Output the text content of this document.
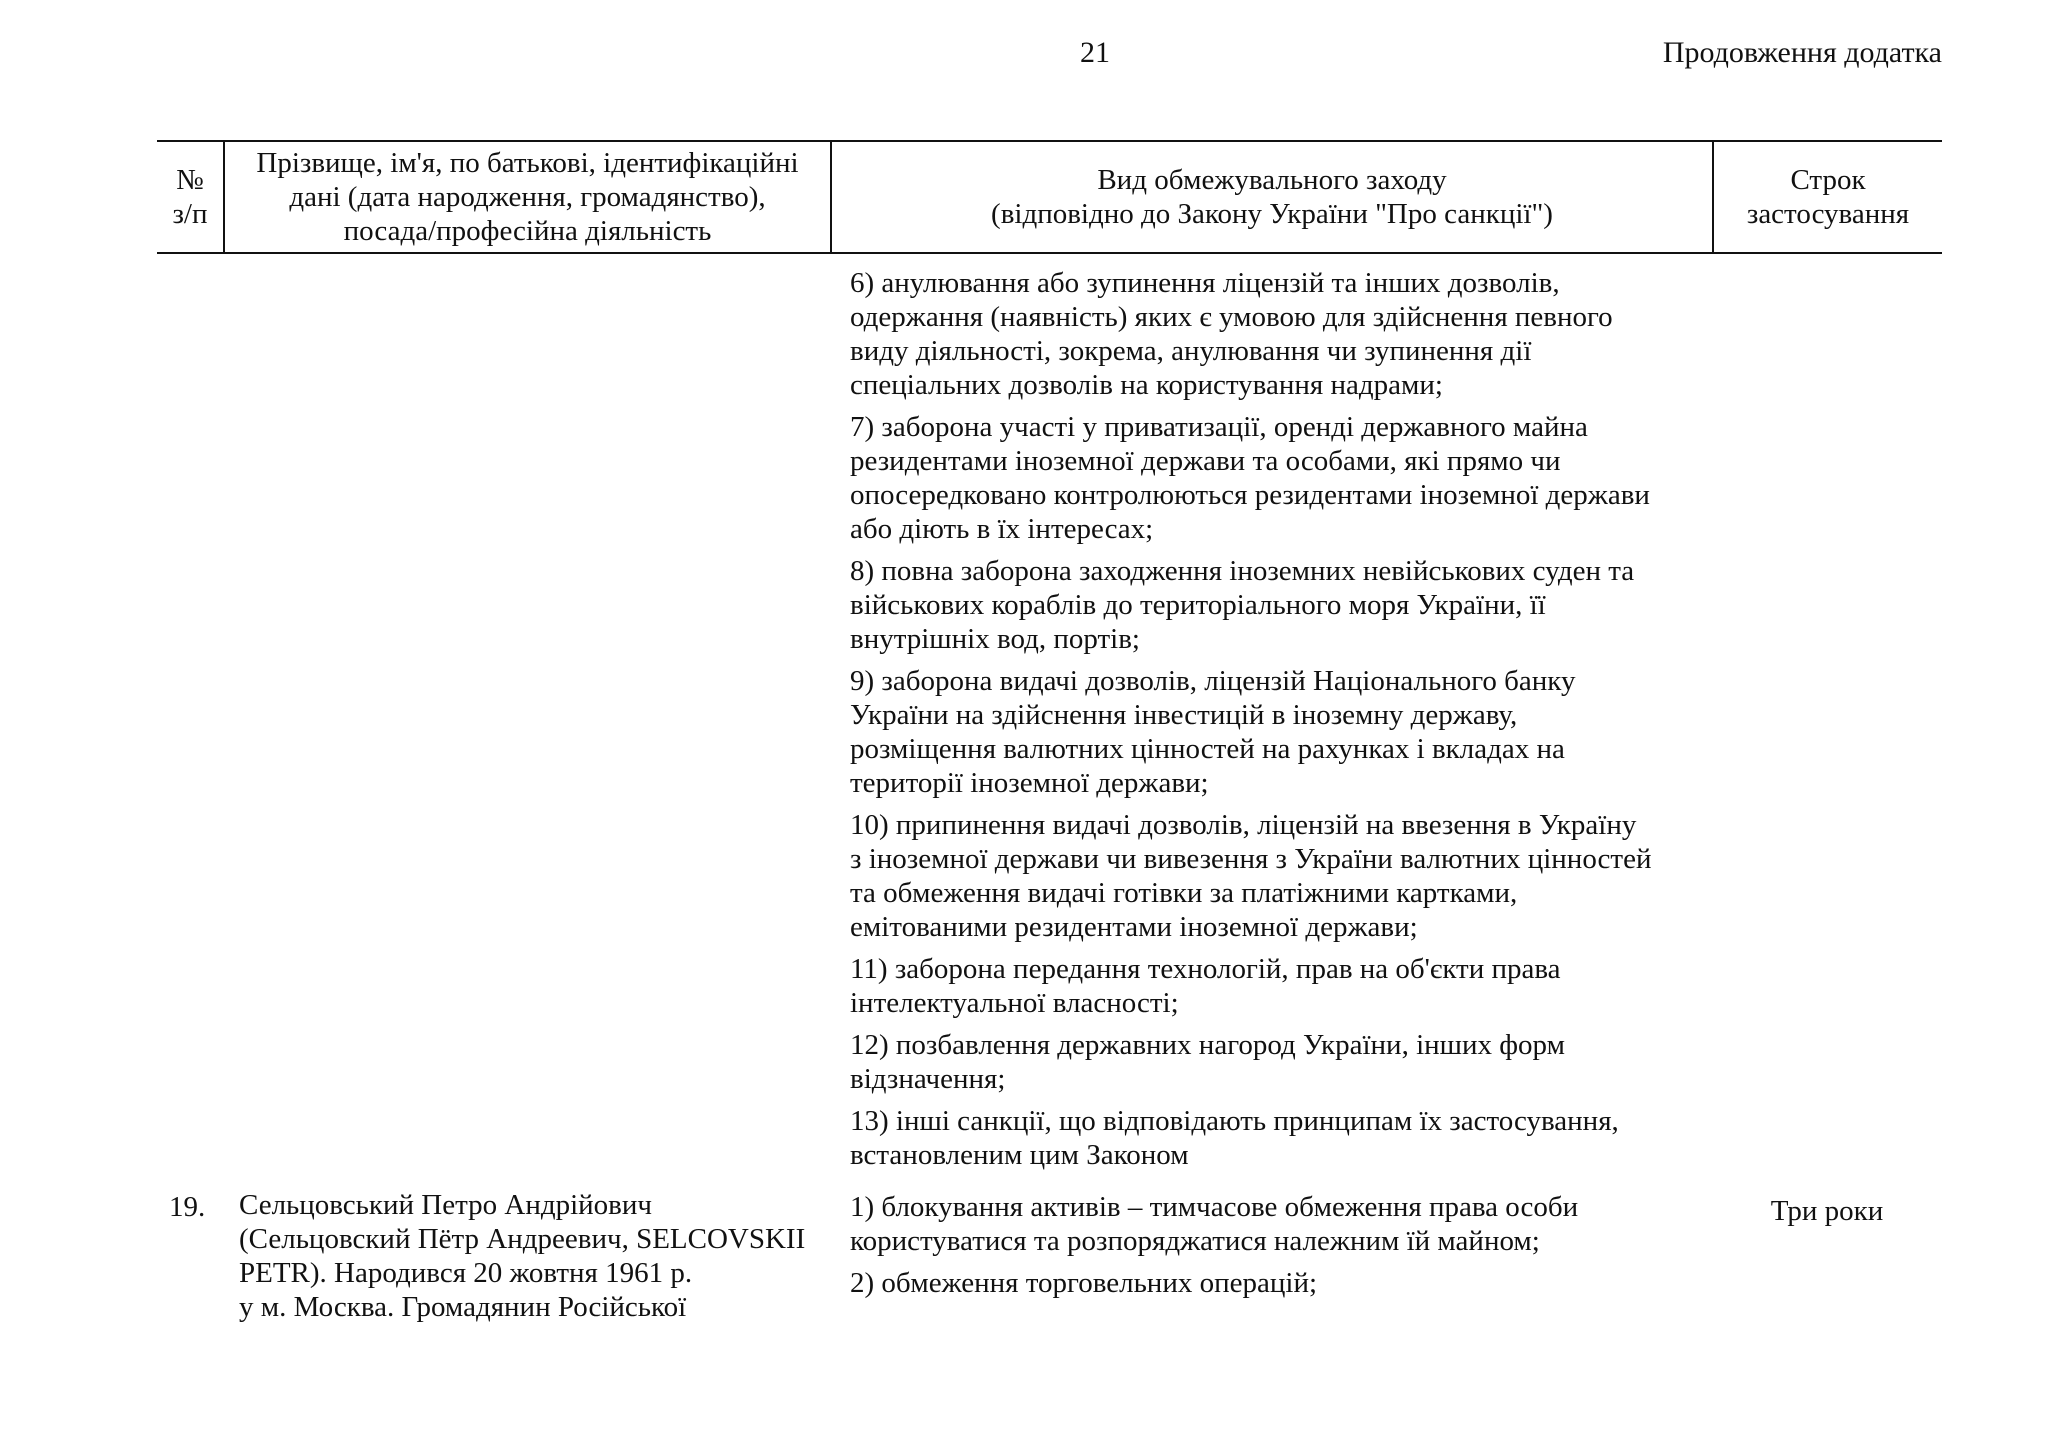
21	Продовження додатка
№
з/п
Прізвище, ім'я, по батькові, ідентифікаційні
дані (дата народження, громадянство),
посада/професійна діяльність
Вид обмежувального заходу
(відповідно до Закону України "Про санкції")
Строк
застосування
6) анулювання або зупинення ліцензій та інших дозволів,
одержання (наявність) яких є умовою для здійснення певного
виду діяльності, зокрема, анулювання чи зупинення дії
спеціальних дозволів на користування надрами;
7) заборона участі у приватизації, оренді державного майна
резидентами іноземної держави та особами, які прямо чи
опосередковано контролюються резидентами іноземної держави
або діють в їх інтересах;
8) повна заборона заходження іноземних невійськових суден та
військових кораблів до територіального моря України, її
внутрішніх вод, портів;
9) заборона видачі дозволів, ліцензій Національного банку
України на здійснення інвестицій в іноземну державу,
розміщення валютних цінностей на рахунках і вкладах на
території іноземної держави;
10) припинення видачі дозволів, ліцензій на ввезення в Україну
з іноземної держави чи вивезення з України валютних цінностей
та обмеження видачі готівки за платіжними картками,
емітованими резидентами іноземної держави;
11) заборона передання технологій, прав на об'єкти права
інтелектуальної власності;
12) позбавлення державних нагород України, інших форм
відзначення;
13) інші санкції, що відповідають принципам їх застосування,
встановленим цим Законом
19.	Сельцовський Петро Андрійович
(Сельцовский Пётр Андреевич, SELCOVSKII
PETR). Народився 20 жовтня 1961 р.
у м. Москва. Громадянин Російської
1) блокування активів – тимчасове обмеження права особи
користуватися та розпоряджатися належним їй майном;
2) обмеження торговельних операцій;
Три роки
